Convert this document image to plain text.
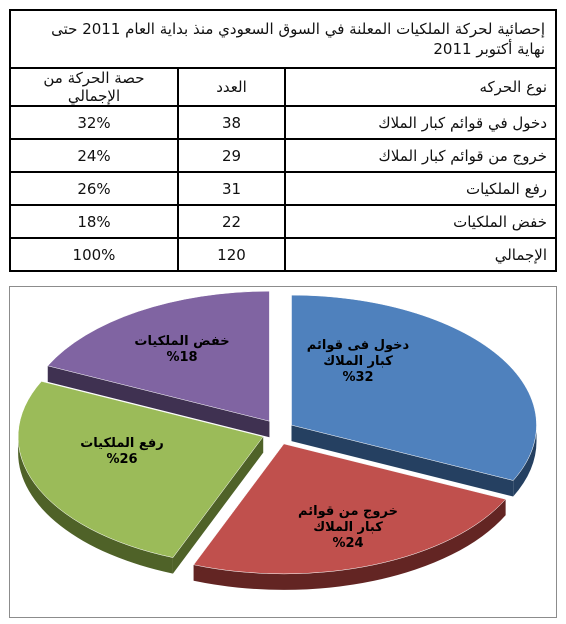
إحصائية لحركة الملكيات المعلنة في السوق السعودي منذ بداية العام 2011 حتى نهاية أكتوبر 2011		
نوع الحركه	العدد	حصة الحركة من الإجمالي
دخول في قوائم كبار الملاك	38	32%
خروج من قوائم كبار الملاك	29	24%
رفع الملكيات	31	26%
خفض الملكيات	22	18%
الإجمالي	120	100%
دخول فى قوائم كبار الملاك %32
خروج من قوائم كبار الملاك %24
رفع الملكيات %26
خفض الملكيات %18
